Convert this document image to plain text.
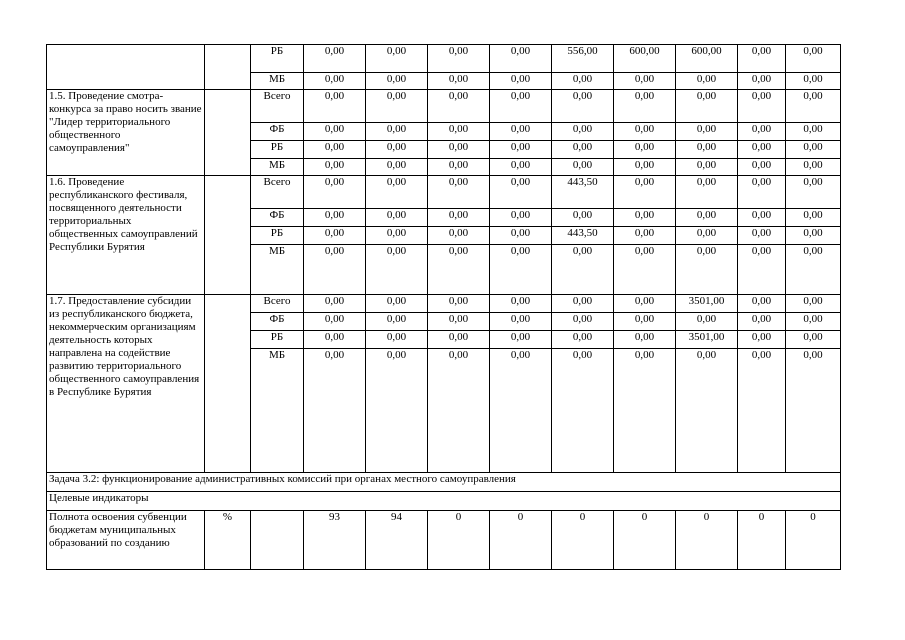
		РБ	0,00	0,00	0,00	0,00	556,00	600,00	600,00	0,00	0,00
		МБ	0,00	0,00	0,00	0,00	0,00	0,00	0,00	0,00	0,00
1.5. Проведение смотра-конкурса за право носить звание "Лидер территориального общественного самоуправления"		Всего	0,00	0,00	0,00	0,00	0,00	0,00	0,00	0,00	0,00
		ФБ	0,00	0,00	0,00	0,00	0,00	0,00	0,00	0,00	0,00
		РБ	0,00	0,00	0,00	0,00	0,00	0,00	0,00	0,00	0,00
		МБ	0,00	0,00	0,00	0,00	0,00	0,00	0,00	0,00	0,00
1.6. Проведение республиканского фестиваля, посвященного деятельности территориальных общественных самоуправлений Республики Бурятия		Всего	0,00	0,00	0,00	0,00	443,50	0,00	0,00	0,00	0,00
		ФБ	0,00	0,00	0,00	0,00	0,00	0,00	0,00	0,00	0,00
		РБ	0,00	0,00	0,00	0,00	443,50	0,00	0,00	0,00	0,00
		МБ	0,00	0,00	0,00	0,00	0,00	0,00	0,00	0,00	0,00
1.7. Предоставление субсидии из республиканского бюджета, некоммерческим организациям деятельность которых направлена на содействие развитию территориального общественного самоуправления в Республике Бурятия		Всего	0,00	0,00	0,00	0,00	0,00	0,00	3501,00	0,00	0,00
		ФБ	0,00	0,00	0,00	0,00	0,00	0,00	0,00	0,00	0,00
		РБ	0,00	0,00	0,00	0,00	0,00	0,00	3501,00	0,00	0,00
		МБ	0,00	0,00	0,00	0,00	0,00	0,00	0,00	0,00	0,00
Задача 3.2: функционирование административных комиссий при органах местного самоуправления											
Целевые индикаторы											
Полнота освоения субвенции бюджетам муниципальных образований по созданию	%		93	94	0	0	0	0	0	0	0
